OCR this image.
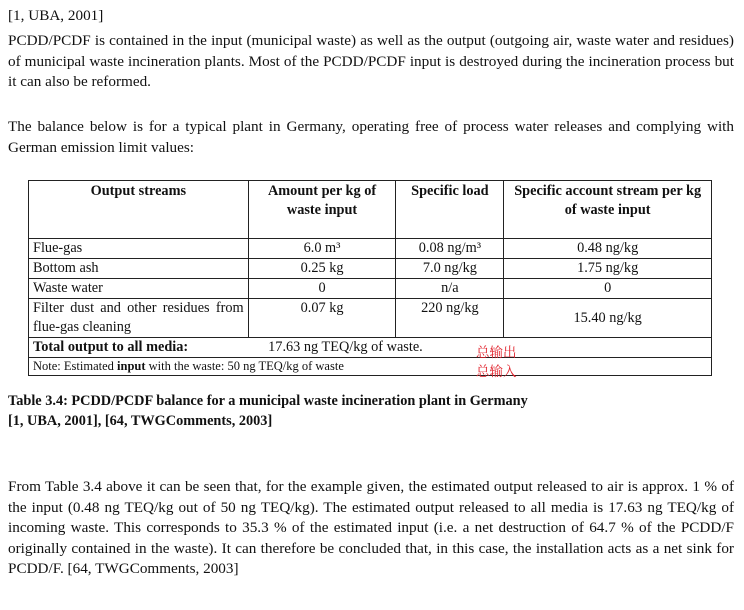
[1, UBA, 2001]

PCDD/PCDF is contained in the input (municipal waste) as well as the output (outgoing air, waste water and residues) of municipal waste incineration plants. Most of the PCDD/PCDF input is destroyed during the incineration process but it can also be reformed.

The balance below is for a typical plant in Germany, operating free of process water releases and complying with German emission limit values:

Output streams	Amount per kg of waste input	Specific load	Specific account stream per kg of waste input
Flue-gas	6.0 m³	0.08 ng/m³	0.48 ng/kg
Bottom ash	0.25 kg	7.0 ng/kg	1.75 ng/kg
Waste water	0	n/a	0
Filter dust and other residues from flue-gas cleaning	0.07 kg	220 ng/kg	15.40 ng/kg
Total output to all media:	17.63 ng TEQ/kg of waste.		
Note: Estimated input with the waste: 50 ng TEQ/kg of waste			
总输出
总输入
Table 3.4: PCDD/PCDF balance for a municipal waste incineration plant in Germany
[1, UBA, 2001], [64, TWGComments, 2003]

From Table 3.4 above it can be seen that, for the example given, the estimated output released to air is approx. 1 % of the input (0.48 ng TEQ/kg out of 50 ng TEQ/kg). The estimated output released to all media is 17.63 ng TEQ/kg of incoming waste. This corresponds to 35.3 % of the estimated input (i.e. a net destruction of 64.7 % of the PCDD/F originally contained in the waste). It can therefore be concluded that, in this case, the installation acts as a net sink for PCDD/F. [64, TWGComments, 2003]
